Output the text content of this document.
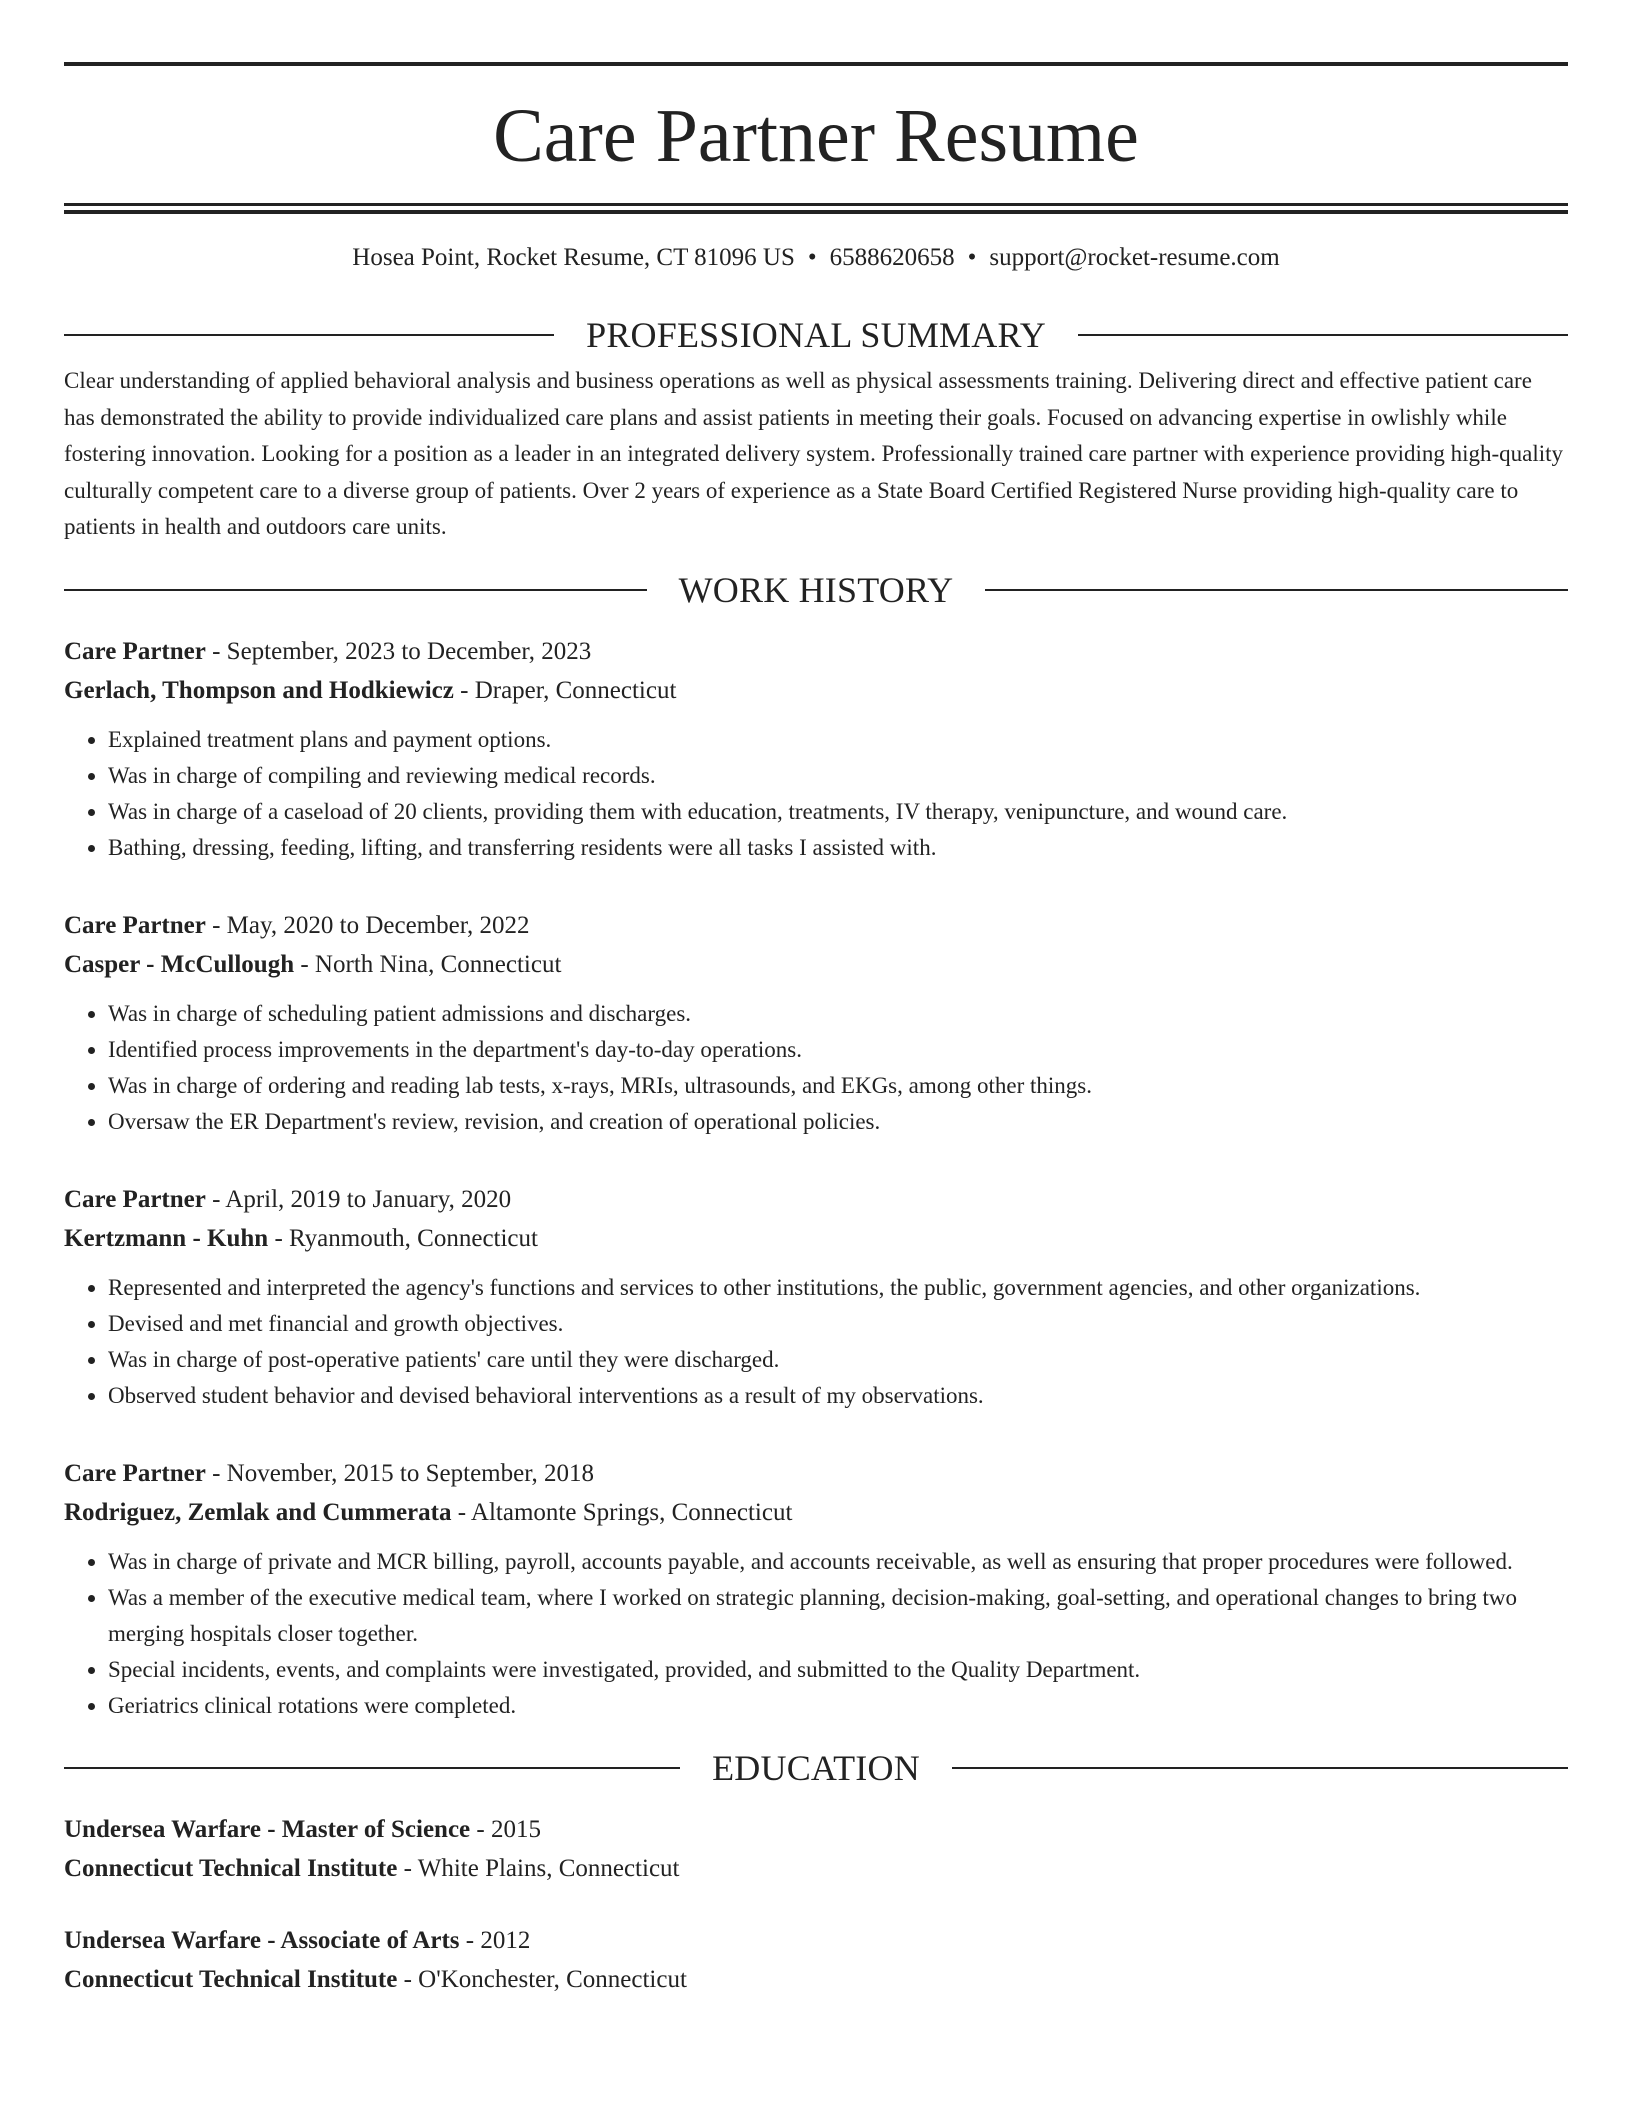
Care Partner Resume
Hosea Point, Rocket Resume, CT 81096 US • 6588620658 • support@rocket-resume.com
PROFESSIONAL SUMMARY

Clear understanding of applied behavioral analysis and business operations as well as physical assessments training. Delivering direct and effective patient care has demonstrated the ability to provide individualized care plans and assist patients in meeting their goals. Focused on advancing expertise in owlishly while fostering innovation. Looking for a position as a leader in an integrated delivery system. Professionally trained care partner with experience providing high-quality culturally competent care to a diverse group of patients. Over 2 years of experience as a State Board Certified Registered Nurse providing high-quality care to patients in health and outdoors care units.

WORK HISTORY
Care Partner - September, 2023 to December, 2023
Gerlach, Thompson and Hodkiewicz - Draper, Connecticut
• Explained treatment plans and payment options.
• Was in charge of compiling and reviewing medical records.
• Was in charge of a caseload of 20 clients, providing them with education, treatments, IV therapy, venipuncture, and wound care.
• Bathing, dressing, feeding, lifting, and transferring residents were all tasks I assisted with.
Care Partner - May, 2020 to December, 2022
Casper - McCullough - North Nina, Connecticut
• Was in charge of scheduling patient admissions and discharges.
• Identified process improvements in the department's day-to-day operations.
• Was in charge of ordering and reading lab tests, x-rays, MRIs, ultrasounds, and EKGs, among other things.
• Oversaw the ER Department's review, revision, and creation of operational policies.
Care Partner - April, 2019 to January, 2020
Kertzmann - Kuhn - Ryanmouth, Connecticut
• Represented and interpreted the agency's functions and services to other institutions, the public, government agencies, and other organizations.
• Devised and met financial and growth objectives.
• Was in charge of post-operative patients' care until they were discharged.
• Observed student behavior and devised behavioral interventions as a result of my observations.
Care Partner - November, 2015 to September, 2018
Rodriguez, Zemlak and Cummerata - Altamonte Springs, Connecticut
• Was in charge of private and MCR billing, payroll, accounts payable, and accounts receivable, as well as ensuring that proper procedures were followed.
• Was a member of the executive medical team, where I worked on strategic planning, decision-making, goal-setting, and operational changes to bring two merging hospitals closer together.
• Special incidents, events, and complaints were investigated, provided, and submitted to the Quality Department.
• Geriatrics clinical rotations were completed.
EDUCATION
Undersea Warfare - Master of Science - 2015
Connecticut Technical Institute - White Plains, Connecticut
Undersea Warfare - Associate of Arts - 2012
Connecticut Technical Institute - O'Konchester, Connecticut
